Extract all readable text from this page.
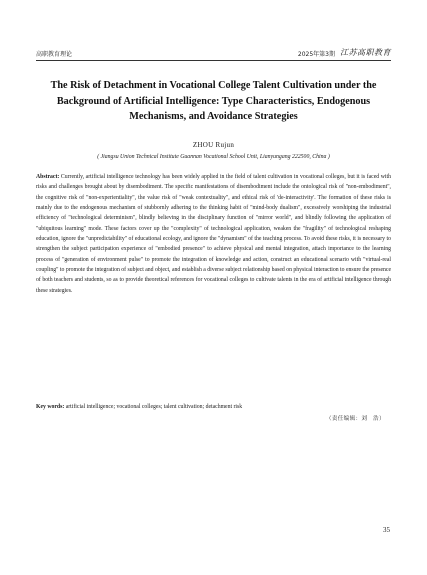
高职教育理论	2025年第3期 江苏高职教育
The Risk of Detachment in Vocational College Talent Cultivation under the Background of Artificial Intelligence: Type Characteristics, Endogenous Mechanisms, and Avoidance Strategies
ZHOU Rujun
( Jiangsu Union Technical Institute Guannan Vocational School Unit, Lianyungang 222500, China )
Abstract: Currently, artificial intelligence technology has been widely applied in the field of talent cultivation in vocational colleges, but it is faced with risks and challenges brought about by disembodiment. The specific manifestations of disembodiment include the ontological risk of "non-embodiment", the cognitive risk of "non-experientiality", the value risk of "weak contextuality", and ethical risk of 'de-interactivity'. The formation of these risks is mainly due to the endogenous mechanism of stubbornly adhering to the thinking habit of "mind-body dualism", excessively worshiping the industrial efficiency of "technological determinism", blindly believing in the disciplinary function of "mirror world", and blindly following the application of "ubiquitous learning" mode. These factors cover up the "complexity" of technological application, weaken the "fragility" of technological reshaping education, ignore the "unpredictability" of educational ecology, and ignore the "dynamism" of the teaching process. To avoid these risks, it is necessary to strengthen the subject participation experience of "embodied presence" to achieve physical and mental integration, attach importance to the learning process of "generation of environment pulse" to promote the integration of knowledge and action, construct an educational scenario with "virtual-real coupling" to promote the integration of subject and object, and establish a diverse subject relationship based on physical interaction to ensure the presence of both teachers and students, so as to provide theoretical references for vocational colleges to cultivate talents in the era of artificial intelligence through these strategies.
Key words: artificial intelligence; vocational colleges; talent cultivation; detachment risk
（责任编辑：刘　浩）
35
